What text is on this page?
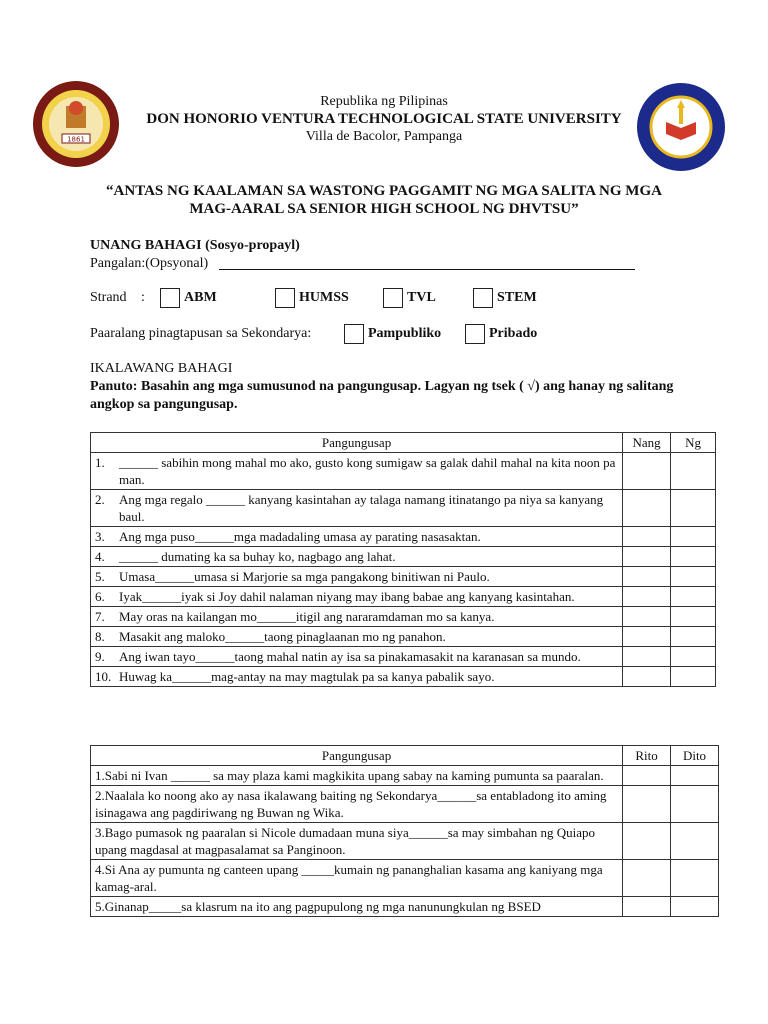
1861
Republika ng Pilipinas
DON HONORIO VENTURA TECHNOLOGICAL STATE UNIVERSITY
Villa de Bacolor, Pampanga
“ANTAS NG KAALAMAN SA WASTONG PAGGAMIT NG MGA SALITA NG MGA
MAG-AARAL SA SENIOR HIGH SCHOOL NG DHVTSU”
UNANG BAHAGI (Sosyo-propayl)
Pangalan:(Opsyonal)
Strand :	ABM	HUMSS	TVL	STEM
Paaralang pinagtapusan sa Sekondarya:	Pampubliko	Pribado
IKALAWANG BAHAGI
Panuto: Basahin ang mga sumusunod na pangungusap. Lagyan ng tsek ( √) ang hanay ng salitang angkop sa pangungusap.
Pangungusap	Nang	Ng

1. ______ sabihin mong mahal mo ako, gusto kong sumigaw sa galak dahil mahal na kita noon pa man.		

2. Ang mga regalo ______ kanyang kasintahan ay talaga namang itinatango pa niya sa kanyang baul.		

3. Ang mga puso______mga madadaling umasa ay parating nasasaktan.		

4. ______ dumating ka sa buhay ko, nagbago ang lahat.		

5. Umasa______umasa si Marjorie sa mga pangakong binitiwan ni Paulo.		

6. Iyak______iyak si Joy dahil nalaman niyang may ibang babae ang kanyang kasintahan.		

7. May oras na kailangan mo______itigil ang nararamdaman mo sa kanya.		

8. Masakit ang maloko______taong pinaglaanan mo ng panahon.		

9. Ang iwan tayo______taong mahal natin ay isa sa pinakamasakit na karanasan sa mundo.		

10. Huwag ka______mag-antay na may magtulak pa sa kanya pabalik sayo.		

Pangungusap	Rito	Dito
1.Sabi ni Ivan ______ sa may plaza kami magkikita upang sabay na kaming pumunta sa paaralan.		
2.Naalala ko noong ako ay nasa ikalawang baiting ng Sekondarya______sa entabladong ito aming isinagawa ang pagdiriwang ng Buwan ng Wika.		
3.Bago pumasok ng paaralan si Nicole dumadaan muna siya______sa may simbahan ng Quiapo upang magdasal at magpasalamat sa Panginoon.		
4.Si Ana ay pumunta ng canteen upang _____kumain ng pananghalian kasama ang kaniyang mga kamag-aral.		
5.Ginanap_____sa klasrum na ito ang pagpupulong ng mga nanunungkulan ng BSED		
